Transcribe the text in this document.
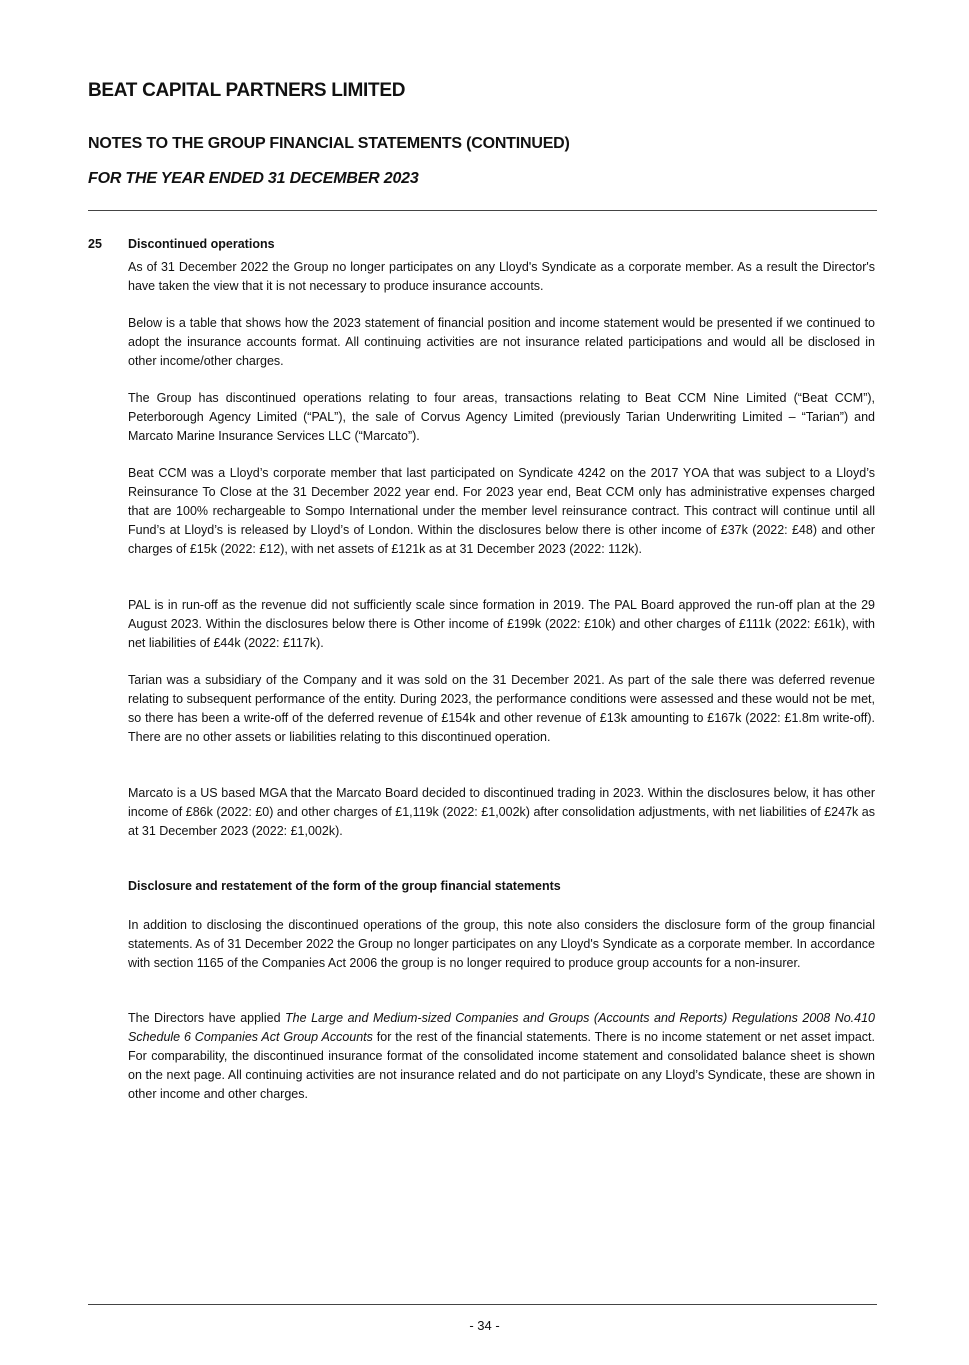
BEAT CAPITAL PARTNERS LIMITED
NOTES TO THE GROUP FINANCIAL STATEMENTS (CONTINUED)
FOR THE YEAR ENDED 31 DECEMBER 2023
25 Discontinued operations

As of 31 December 2022 the Group no longer participates on any Lloyd's Syndicate as a corporate member. As a result the Director's have taken the view that it is not necessary to produce insurance accounts.

Below is a table that shows how the 2023 statement of financial position and income statement would be presented if we continued to adopt the insurance accounts format. All continuing activities are not insurance related participations and would all be disclosed in other income/other charges.

The Group has discontinued operations relating to four areas, transactions relating to Beat CCM Nine Limited (“Beat CCM”), Peterborough Agency Limited (“PAL”), the sale of Corvus Agency Limited (previously Tarian Underwriting Limited – “Tarian”) and Marcato Marine Insurance Services LLC (“Marcato”).

Beat CCM was a Lloyd’s corporate member that last participated on Syndicate 4242 on the 2017 YOA that was subject to a Lloyd’s Reinsurance To Close at the 31 December 2022 year end. For 2023 year end, Beat CCM only has administrative expenses charged that are 100% rechargeable to Sompo International under the member level reinsurance contract. This contract will continue until all Fund’s at Lloyd’s is released by Lloyd’s of London. Within the disclosures below there is other income of £37k (2022: £48) and other charges of £15k (2022: £12), with net assets of £121k as at 31 December 2023 (2022: 112k).

PAL is in run-off as the revenue did not sufficiently scale since formation in 2019. The PAL Board approved the run-off plan at the 29 August 2023. Within the disclosures below there is Other income of £199k (2022: £10k) and other charges of £111k (2022: £61k), with net liabilities of £44k (2022: £117k).

Tarian was a subsidiary of the Company and it was sold on the 31 December 2021. As part of the sale there was deferred revenue relating to subsequent performance of the entity. During 2023, the performance conditions were assessed and these would not be met, so there has been a write-off of the deferred revenue of £154k and other revenue of £13k amounting to £167k (2022: £1.8m write-off). There are no other assets or liabilities relating to this discontinued operation.

Marcato is a US based MGA that the Marcato Board decided to discontinued trading in 2023. Within the disclosures below, it has other income of £86k (2022: £0) and other charges of £1,119k (2022: £1,002k) after consolidation adjustments, with net liabilities of £247k as at 31 December 2023 (2022: £1,002k).

Disclosure and restatement of the form of the group financial statements

In addition to disclosing the discontinued operations of the group, this note also considers the disclosure form of the group financial statements. As of 31 December 2022 the Group no longer participates on any Lloyd's Syndicate as a corporate member. In accordance with section 1165 of the Companies Act 2006 the group is no longer required to produce group accounts for a non-insurer.

The Directors have applied The Large and Medium-sized Companies and Groups (Accounts and Reports) Regulations 2008 No.410 Schedule 6 Companies Act Group Accounts for the rest of the financial statements. There is no income statement or net asset impact. For comparability, the discontinued insurance format of the consolidated income statement and consolidated balance sheet is shown on the next page. All continuing activities are not insurance related and do not participate on any Lloyd’s Syndicate, these are shown in other income and other charges.

- 34 -
